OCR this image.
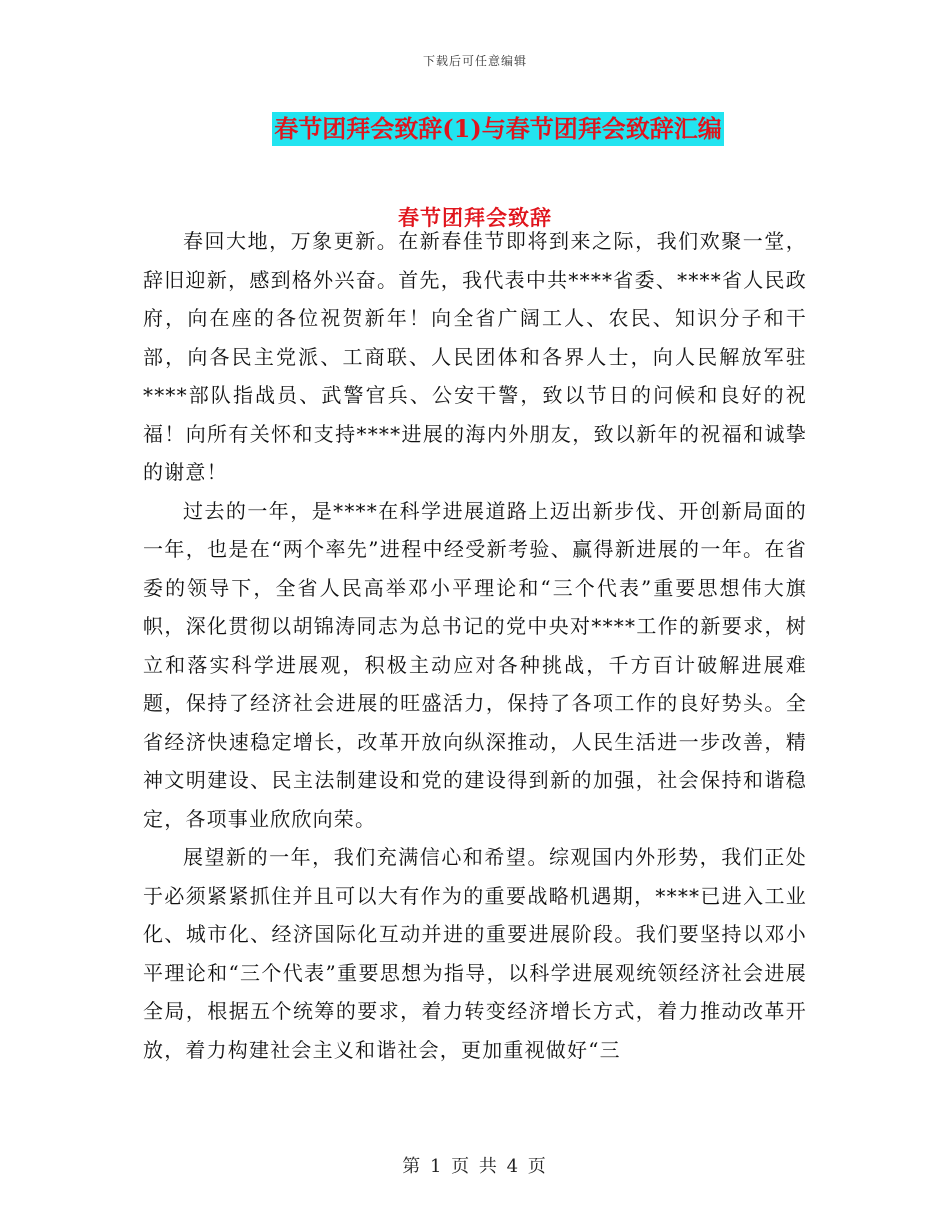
下载后可任意编辑
春节团拜会致辞(1)与春节团拜会致辞汇编
春节团拜会致辞

春回大地，万象更新。在新春佳节即将到来之际，我们欢聚一堂，辞旧迎新，感到格外兴奋。首先，我代表中共****省委、****省人民政府，向在座的各位祝贺新年！向全省广阔工人、农民、知识分子和干部，向各民主党派、工商联、人民团体和各界人士，向人民解放军驻****部队指战员、武警官兵、公安干警，致以节日的问候和良好的祝福！向所有关怀和支持****进展的海内外朋友，致以新年的祝福和诚挚的谢意！

过去的一年，是****在科学进展道路上迈出新步伐、开创新局面的一年，也是在“两个率先”进程中经受新考验、赢得新进展的一年。在省委的领导下，全省人民高举邓小平理论和“三个代表”重要思想伟大旗帜，深化贯彻以胡锦涛同志为总书记的党中央对****工作的新要求，树立和落实科学进展观，积极主动应对各种挑战，千方百计破解进展难题，保持了经济社会进展的旺盛活力，保持了各项工作的良好势头。全省经济快速稳定增长，改革开放向纵深推动，人民生活进一步改善，精神文明建设、民主法制建设和党的建设得到新的加强，社会保持和谐稳定，各项事业欣欣向荣。

展望新的一年，我们充满信心和希望。综观国内外形势，我们正处于必须紧紧抓住并且可以大有作为的重要战略机遇期，****已进入工业化、城市化、经济国际化互动并进的重要进展阶段。我们要坚持以邓小平理论和“三个代表”重要思想为指导，以科学进展观统领经济社会进展全局，根据五个统筹的要求，着力转变经济增长方式，着力推动改革开放，着力构建社会主义和谐社会，更加重视做好“三

第 1 页 共 4 页
